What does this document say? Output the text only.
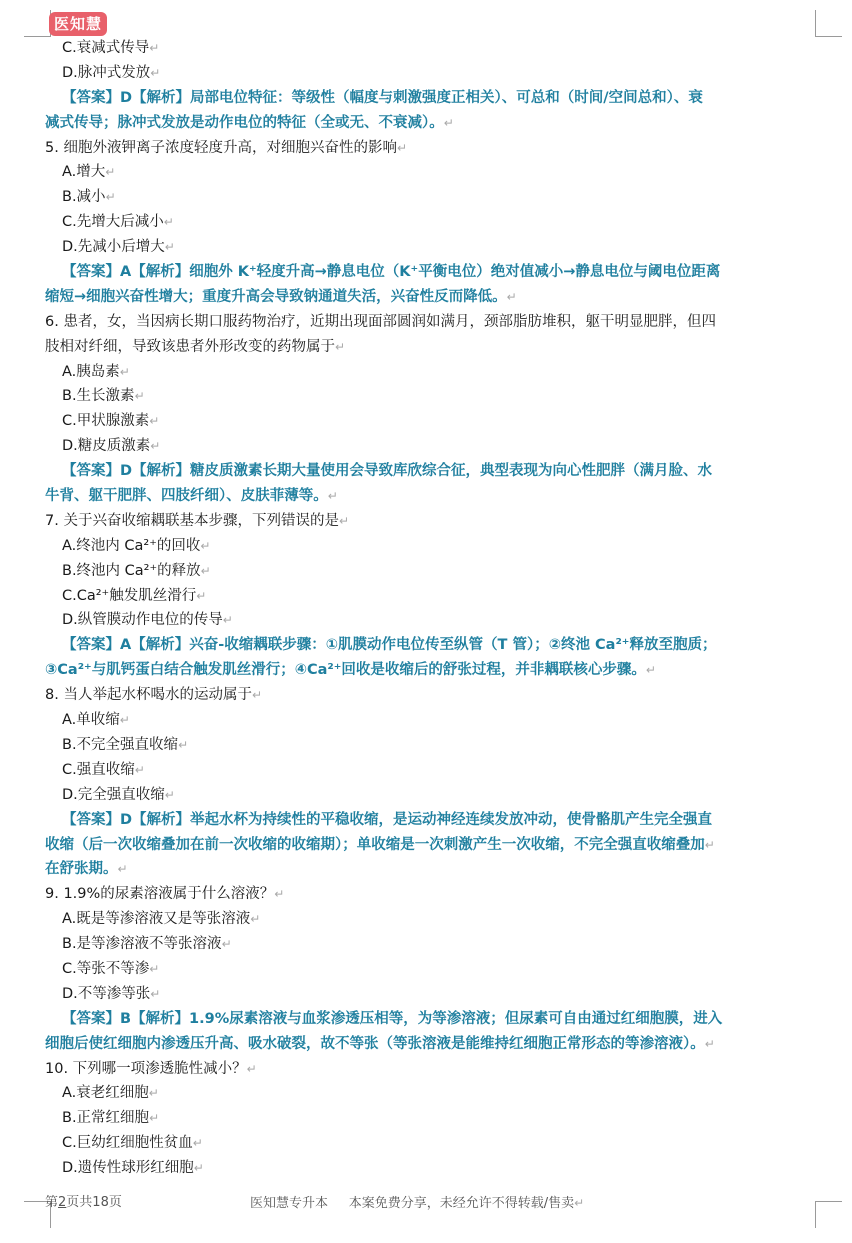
医知慧
C.衰减式传导↵
D.脉冲式发放↵
【答案】D【解析】局部电位特征：等级性（幅度与刺激强度正相关）、可总和（时间/空间总和）、衰
减式传导；脉冲式发放是动作电位的特征（全或无、不衰减）。↵
5. 细胞外液钾离子浓度轻度升高，对细胞兴奋性的影响↵
A.增大↵
B.减小↵
C.先增大后减小↵
D.先减小后增大↵
【答案】A【解析】细胞外 K⁺轻度升高→静息电位（K⁺平衡电位）绝对值减小→静息电位与阈电位距离
缩短→细胞兴奋性增大；重度升高会导致钠通道失活，兴奋性反而降低。↵
6. 患者，女，当因病长期口服药物治疗，近期出现面部圆润如满月，颈部脂肪堆积，躯干明显肥胖，但四
肢相对纤细，导致该患者外形改变的药物属于↵
A.胰岛素↵
B.生长激素↵
C.甲状腺激素↵
D.糖皮质激素↵
【答案】D【解析】糖皮质激素长期大量使用会导致库欣综合征，典型表现为向心性肥胖（满月脸、水
牛背、躯干肥胖、四肢纤细）、皮肤菲薄等。↵
7. 关于兴奋收缩耦联基本步骤，下列错误的是↵
A.终池内 Ca²⁺的回收↵
B.终池内 Ca²⁺的释放↵
C.Ca²⁺触发肌丝滑行↵
D.纵管膜动作电位的传导↵
【答案】A【解析】兴奋-收缩耦联步骤：①肌膜动作电位传至纵管（T 管）；②终池 Ca²⁺释放至胞质；
③Ca²⁺与肌钙蛋白结合触发肌丝滑行；④Ca²⁺回收是收缩后的舒张过程，并非耦联核心步骤。↵
8. 当人举起水杯喝水的运动属于↵
A.单收缩↵
B.不完全强直收缩↵
C.强直收缩↵
D.完全强直收缩↵
【答案】D【解析】举起水杯为持续性的平稳收缩，是运动神经连续发放冲动，使骨骼肌产生完全强直
收缩（后一次收缩叠加在前一次收缩的收缩期）；单收缩是一次刺激产生一次收缩，不完全强直收缩叠加↵
在舒张期。↵
9. 1.9%的尿素溶液属于什么溶液？↵
A.既是等渗溶液又是等张溶液↵
B.是等渗溶液不等张溶液↵
C.等张不等渗↵
D.不等渗等张↵
【答案】B【解析】1.9%尿素溶液与血浆渗透压相等，为等渗溶液；但尿素可自由通过红细胞膜，进入
细胞后使红细胞内渗透压升高、吸水破裂，故不等张（等张溶液是能维持红细胞正常形态的等渗溶液）。↵
10. 下列哪一项渗透脆性减小？↵
A.衰老红细胞↵
B.正常红细胞↵
C.巨幼红细胞性贫血↵
D.遗传性球形红细胞↵
第2页共18页	医知慧专升本 本案免费分享，未经允许不得转载/售卖↵
